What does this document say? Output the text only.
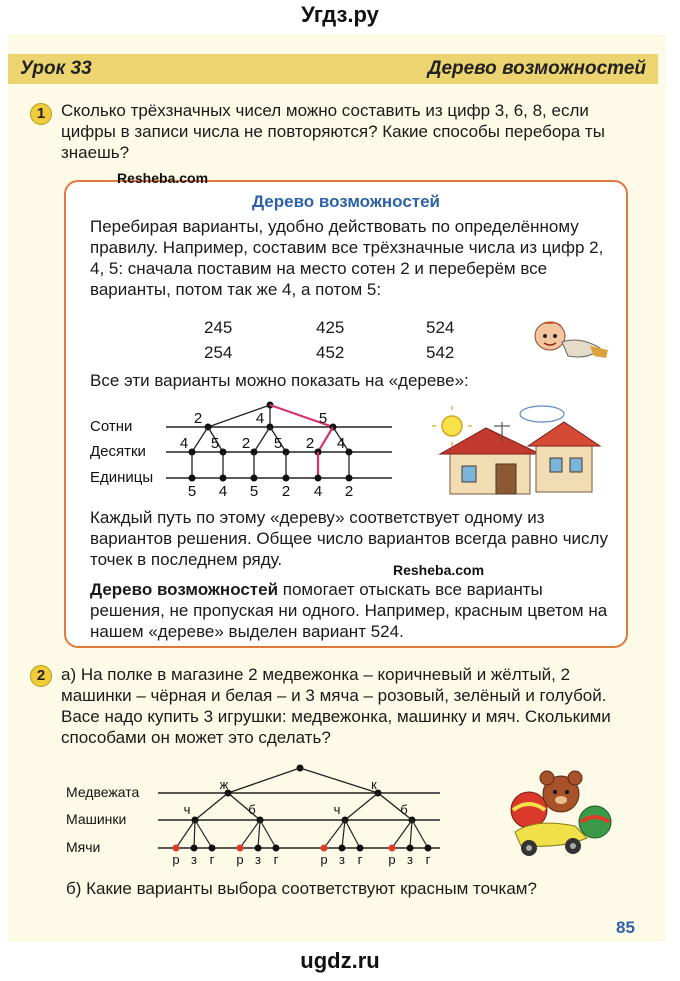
Угдз.ру
Урок 33	Дерево возможностей
1 Сколько трёхзначных чисел можно составить из цифр 3, 6, 8, если цифры в записи числа не повторяются? Какие способы перебора ты знаешь?
Дерево возможностей
Перебирая варианты, удобно действовать по определённому правилу. Например, составим все трёхзначные числа из цифр 2, 4, 5: сначала поставим на место сотен 2 и переберём все варианты, потом так же 4, а потом 5:
245	425	524
254	452	542
Все эти варианты можно показать на «дереве»:
Каждый путь по этому «дереву» соответствует одному из вариантов решения. Общее число вариантов всегда равно числу точек в последнем ряду.
Дерево возможностей помогает отыскать все варианты решения, не пропуская ни одного. Например, красным цветом на нашем «дереве» выделен вариант 524.
Resheba.com
Resheba.com
Сотни
Десятки
Единицы
2	4	5
4
5
5
4
2
5
5
2
2
4
4
2
2 а) На полке в магазине 2 медвежонка – коричневый и жёлтый, 2 машинки – чёрная и белая – и 3 мяча – розовый, зелёный и голубой. Васе надо купить 3 игрушки: медвежонка, машинку и мяч. Сколькими способами он может это сделать?
Медвежата
Машинки
Мячи
ж	к
ч	б	ч	б
р з г р з г	р з г р з г
б) Какие варианты выбора соответствуют красным точкам?
85
ugdz.ru
